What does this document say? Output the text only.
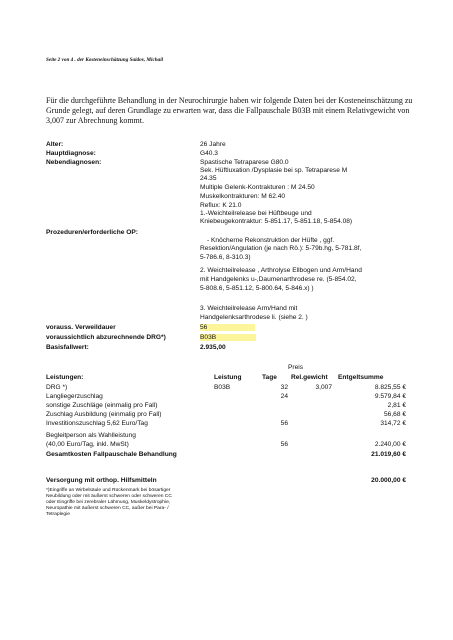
Seite 2 von 4 . der Kosteneinschätzung Saidov, Michail
Für die durchgeführte Behandlung in der Neurochirurgie haben wir folgende Daten bei der Kosteneinschätzung zu Grunde gelegt, auf deren Grundlage zu erwarten war, dass die Fallpauschale B03B mit einem Relativgewicht von 3,007 zur Abrechnung kommt.
Alter:	26 Jahre
Hauptdiagnose:	G40.3
Nebendiagnosen:	Spastische Tetraparese G80.0
Sek. Hüftluxation /Dysplasie bei sp. Tetraparese M
24.35
Multiple Gelenk-Kontrakturen : M 24.50
Muskelkontrakturen: M 62.40
Reflux: K 21.0
1.-Weichteilrelease bei Hüftbeuge und
Kniebeugekontraktur: 5-851.17, 5-851.18, 5-854.08)
Prozeduren/erforderliche OP:
- Knöcherne Rekonstruktion der Hüfte , ggf.
Resektion/Angulation (je nach Rö.): 5-79b.hg, 5-781.8f,
5-786.6, 8-310.3)
2. Weichteilrelease , Arthrolyse Ellbogen und Arm/Hand
mit Handgelenks u-,Daumenarthrodese re. (5-854.02,
5-808.6, 5-851.12, 5-800.64, 5-846.x) )
3. Weichteilrelease Arm/Hand mit
Handgelenksarthrodese li. (siehe 2. )
vorauss. Verweildauer	56
voraussichtlich abzurechnende DRG*)	B03B
Basisfallwert:	2.935,00
Preis
Leistungen:	Leistung	Tage Rel.gewicht Entgeltsumme
DRG *)	B03B	32	3,007	8.825,55 €
Langliegerzuschlag	24	9.579,84 €
sonstige Zuschläge (einmalig pro Fall)	2,81 €
Zuschlag Ausbildung (einmalig pro Fall)	56,68 €
Investitionszuschlag 5,62 Euro/Tag	56	314,72 €
Begleitperson als Wahlleistung
(40,00 Euro/Tag, inkl. MwSt)	56	2.240,00 €
Gesamtkosten Fallpauschale Behandlung	21.019,60 €
Versorgung mit orthop. Hilfsmitteln	20.000,00 €
*)Eingriffe an Wirbelsäule und Rückenmark bei bösartiger
Neubildung oder mit äußerst schweren oder schweren CC
oder Eingriffe bei zerebraler Lähmung, Muskeldystrophie,
Neuropathie mit äußerst schweren CC, außer bei Para- /
Tetraplegie
